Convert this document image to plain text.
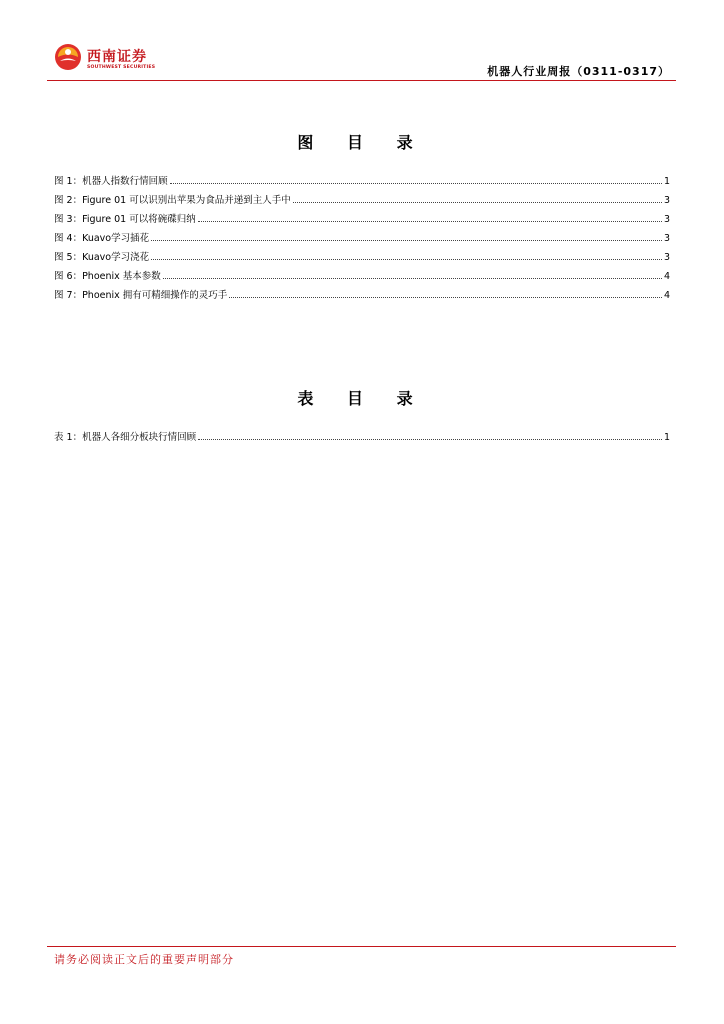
西南证券
SOUTHWEST SECURITIES	机器人行业周报（0311-0317）
图 目 录
图 1：机器人指数行情回顾	1
图 2：Figure 01 可以识别出苹果为食品并递到主人手中	3
图 3：Figure 01 可以将碗碟归纳	3
图 4：Kuavo学习插花	3
图 5：Kuavo学习浇花	3
图 6：Phoenix 基本参数	4
图 7：Phoenix 拥有可精细操作的灵巧手	4
表 目 录
表 1：机器人各细分板块行情回顾	1
请务必阅读正文后的重要声明部分
